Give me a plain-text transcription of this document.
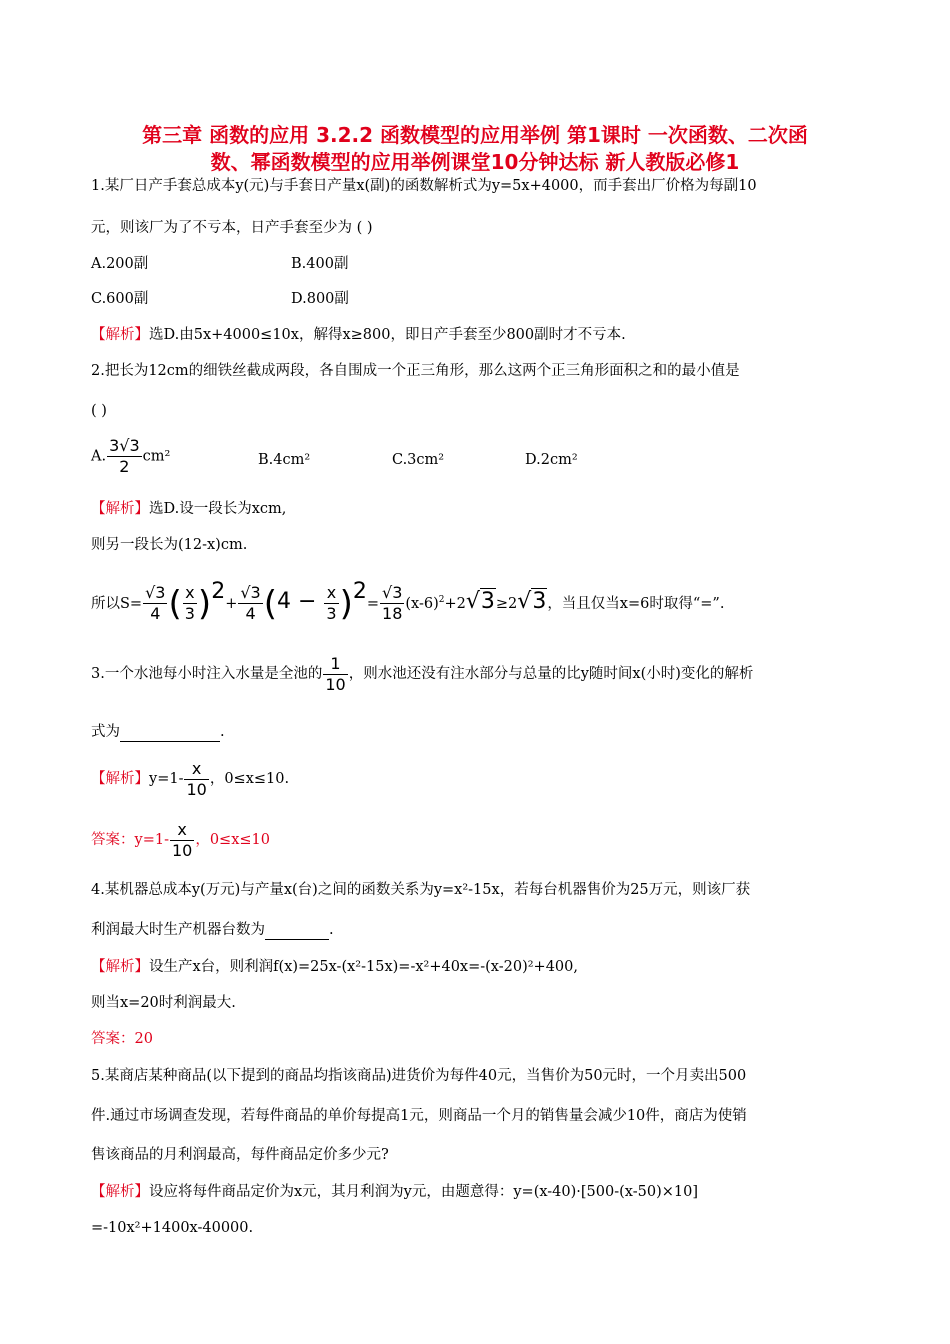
第三章 函数的应用 3.2.2 函数模型的应用举例 第1课时 一次函数、二次函
数、幂函数模型的应用举例课堂10分钟达标 新人教版必修1
1.某厂日产手套总成本y(元)与手套日产量x(副)的函数解析式为y=5x+4000，而手套出厂价格为每副10
元，则该厂为了不亏本，日产手套至少为 ( )
A.200副	B.400副
C.600副	D.800副
【解析】选D.由5x+4000≤10x，解得x≥800，即日产手套至少800副时才不亏本.
2.把长为12cm的细铁丝截成两段，各自围成一个正三角形，那么这两个正三角形面积之和的最小值是
( )
A. $\frac{3√3}{2} cm^2$	B.4cm²	C.3cm²	D.2cm²
【解析】选D.设一段长为xcm,
则另一段长为(12-x)cm.
所以$S= \frac{√3}{4}$ ( $\frac{x}{3} )2+ \frac{√3}{4} (4 - \frac{x}{3} )2= \frac{√3}{18} (x-6)^2+2√3\ge 2√3$，当且仅当x=6时取得“=”.
3.一个水池每小时注入水量是全池的 $\frac{1}{10}$ ，则水池还没有注水部分与总量的比y随时间x(小时)变化的解析
式为	.
【解析】$y=1- \frac{x}{10}$ ，0≤x≤10.
答案：$y=1- \frac{x}{10}$ ，0≤x≤10
4.某机器总成本y(万元)与产量x(台)之间的函数关系为y=x²-15x，若每台机器售价为25万元，则该厂获
利润最大时生产机器台数为	.
【解析】设生产x台，则利润f(x)=25x-(x²-15x)=-x²+40x=-(x-20)²+400,
则当x=20时利润最大.
答案：20
5.某商店某种商品(以下提到的商品均指该商品)进货价为每件40元，当售价为50元时，一个月卖出500
件.通过市场调查发现，若每件商品的单价每提高1元，则商品一个月的销售量会减少10件，商店为使销
售该商品的月利润最高，每件商品定价多少元?
【解析】设应将每件商品定价为x元，其月利润为y元，由题意得：y=(x-40)·[500-(x-50)×10]
=-10x²+1400x-40000.
